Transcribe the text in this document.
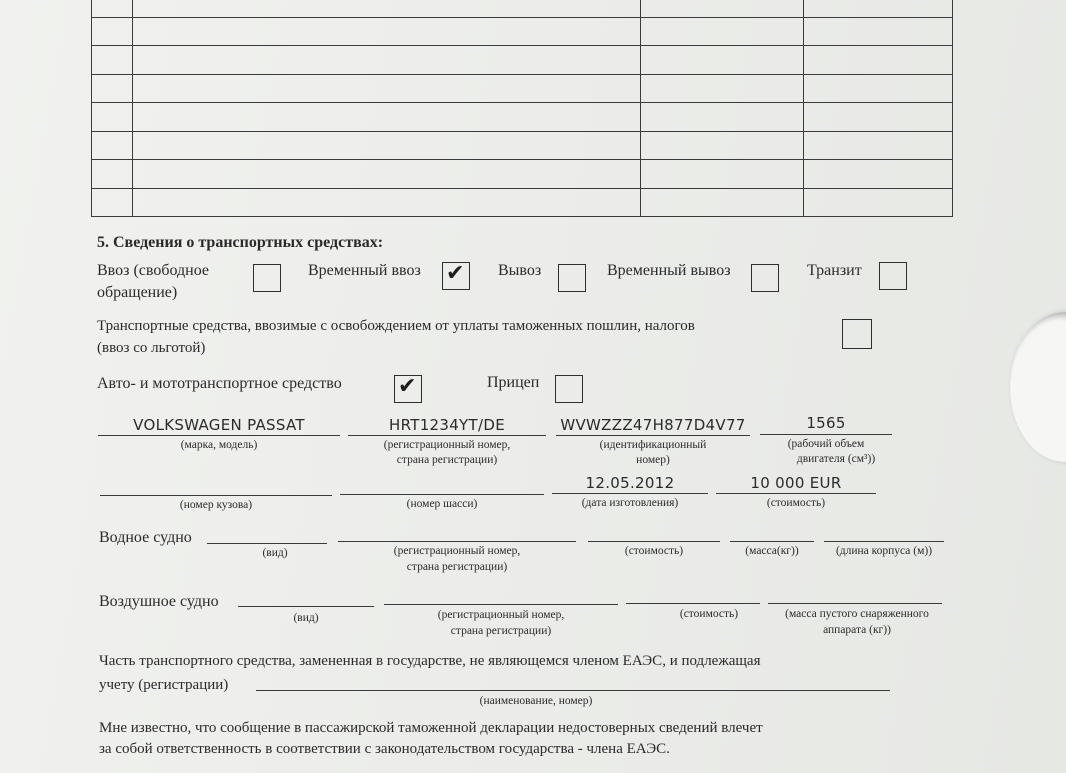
5. Сведения о транспортных средствах:
Ввоз (свободное
обращение)
Временный ввоз ✔ Вывоз	Временный вывоз	Транзит
Транспортные средства, ввозимые с освобождением от уплаты таможенных пошлин, налогов
(ввоз со льготой)
Авто- и мототранспортное средство	✔	Прицеп
VOLKSWAGEN PASSAT
(марка, модель)
HRT1234YT/DE
(регистрационный номер,
страна регистрации)
WVWZZZ47H877D4V77
(идентификационный
номер)
1565
(рабочий объем
двигателя (см³))
(номер кузова)	(номер шасси)
12.05.2012
(дата изготовления)
10 000 EUR
(стоимость)
Водное судно
(вид)	(регистрационный номер,
страна регистрации)
(стоимость)	(масса(кг))	(длина корпуса (м))
Воздушное судно
(вид)	(регистрационный номер,
страна регистрации)
(стоимость)	(масса пустого снаряженного
аппарата (кг))
Часть транспортного средства, замененная в государстве, не являющемся членом ЕАЭС, и подлежащая
учету (регистрации)
(наименование, номер)
Мне известно, что сообщение в пассажирской таможенной декларации недостоверных сведений влечет
за собой ответственность в соответствии с законодательством государства - члена ЕАЭС.
